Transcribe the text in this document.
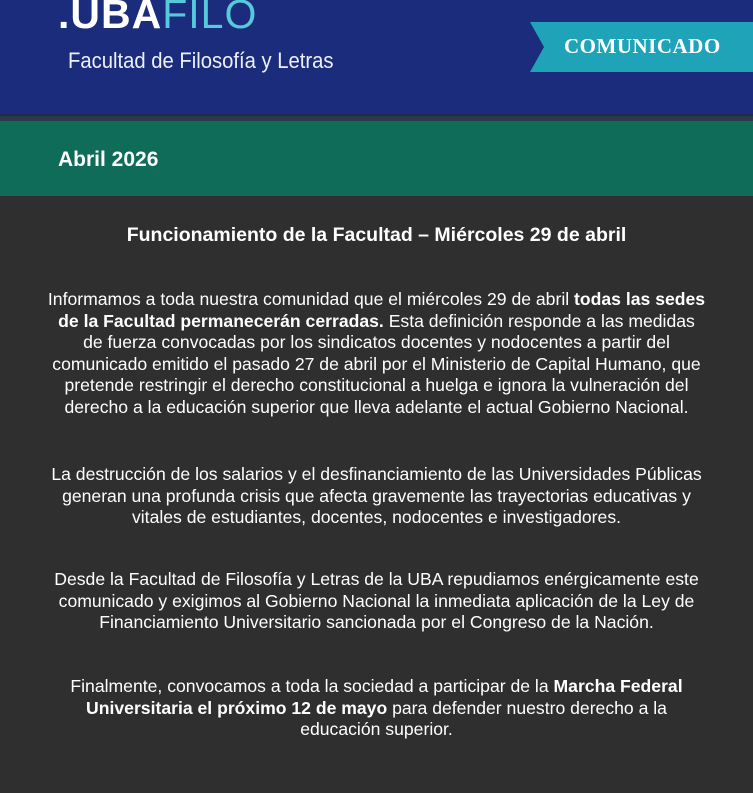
.UBAFILO
Facultad de Filosofía y Letras
COMUNICADO
Abril 2026
Funcionamiento de la Facultad – Miércoles 29 de abril

Informamos a toda nuestra comunidad que el miércoles 29 de abril todas las sedes
de la Facultad permanecerán cerradas. Esta definición responde a las medidas
de fuerza convocadas por los sindicatos docentes y nodocentes a partir del
comunicado emitido el pasado 27 de abril por el Ministerio de Capital Humano, que
pretende restringir el derecho constitucional a huelga e ignora la vulneración del
derecho a la educación superior que lleva adelante el actual Gobierno Nacional.

La destrucción de los salarios y el desfinanciamiento de las Universidades Públicas
generan una profunda crisis que afecta gravemente las trayectorias educativas y
vitales de estudiantes, docentes, nodocentes e investigadores.

Desde la Facultad de Filosofía y Letras de la UBA repudiamos enérgicamente este
comunicado y exigimos al Gobierno Nacional la inmediata aplicación de la Ley de
Financiamiento Universitario sancionada por el Congreso de la Nación.

Finalmente, convocamos a toda la sociedad a participar de la Marcha Federal
Universitaria el próximo 12 de mayo para defender nuestro derecho a la
educación superior.
